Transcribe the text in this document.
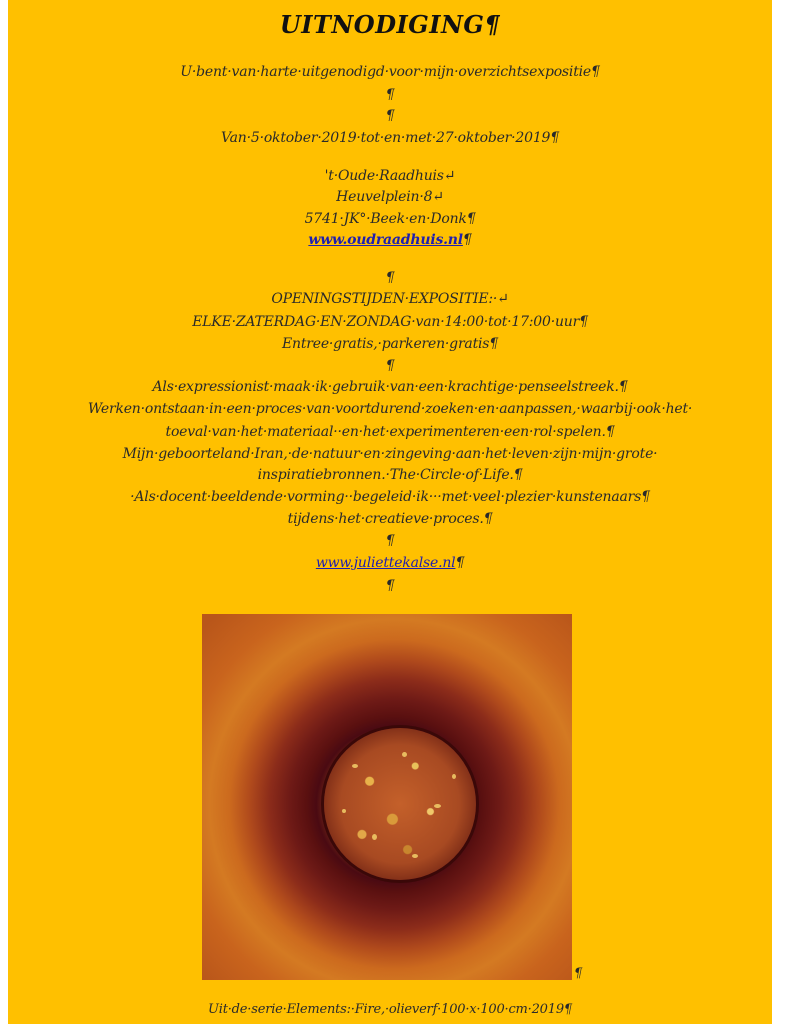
UITNODIGING¶
U·bent·van·harte·uitgenodigd·voor·mijn·overzichtsexpositie¶
¶
¶
Van·5·oktober·2019·tot·en·met·27·oktober·2019¶
't·Oude·Raadhuis↵
Heuvelplein·8↵
5741·JK°·Beek·en·Donk¶
www.oudraadhuis.nl¶
¶
OPENINGSTIJDEN·EXPOSITIE:·↵
ELKE·ZATERDAG·EN·ZONDAG·van·14:00·tot·17:00·uur¶
Entree·gratis,·parkeren·gratis¶
¶
Als·expressionist·maak·ik·gebruik·van·een·krachtige·penseelstreek.¶
Werken·ontstaan·in·een·proces·van·voortdurend·zoeken·en·aanpassen,·waarbij·ook·het·
toeval·van·het·materiaal··en·het·experimenteren·een·rol·spelen.¶
Mijn·geboorteland·Iran,·de·natuur·en·zingeving·aan·het·leven·zijn·mijn·grote·
inspiratiebronnen.·The·Circle·of·Life.¶
·Als·docent·beeldende·vorming··begeleid·ik···met·veel·plezier·kunstenaars¶
tijdens·het·creatieve·proces.¶
¶
www.juliettekalse.nl¶
¶
¶
Uit·de·serie·Elements:·Fire,·olieverf·100·x·100·cm·2019¶
